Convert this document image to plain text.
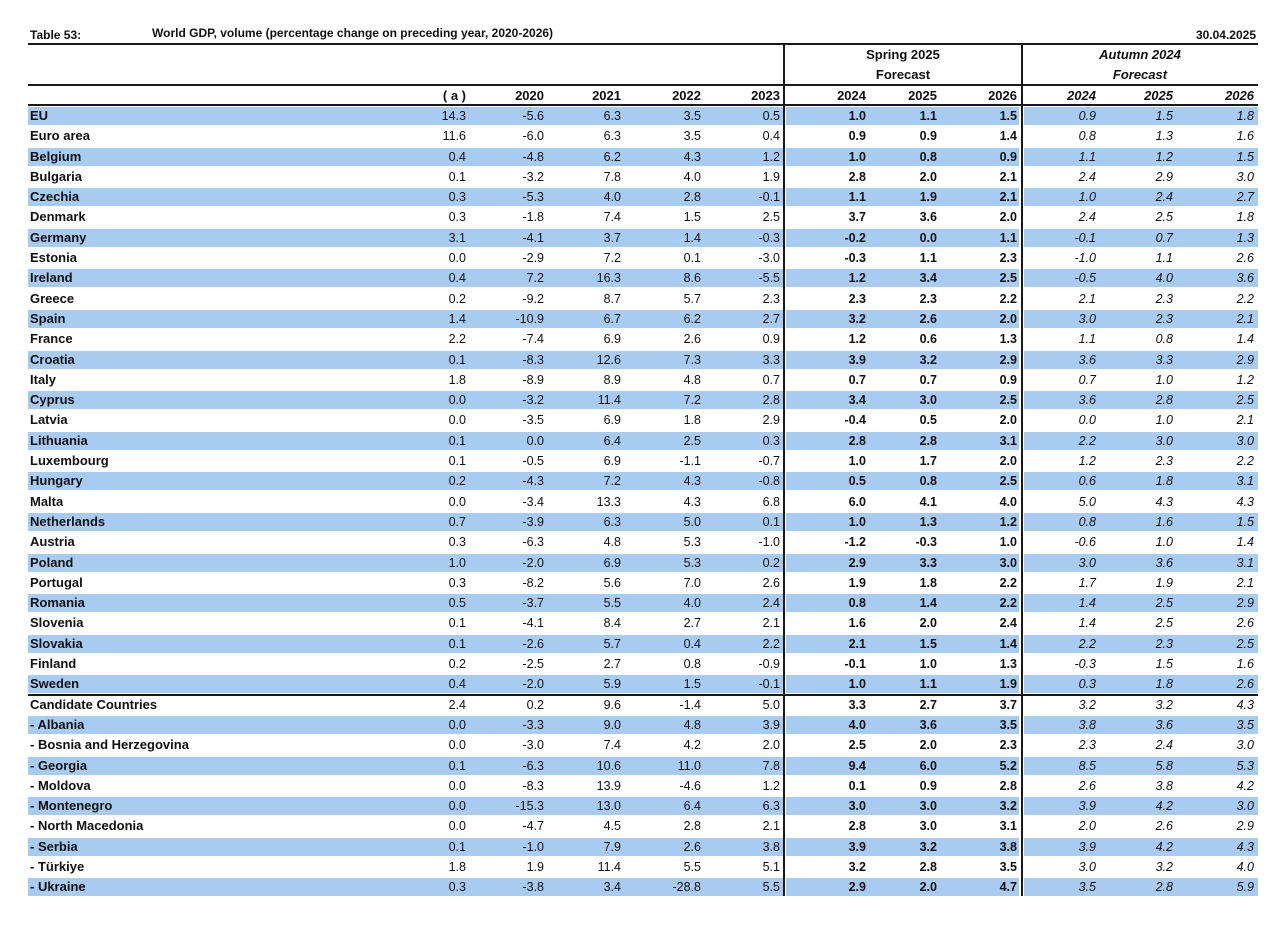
Table 53:	World GDP, volume (percentage change on preceding year, 2020-2026)	30.04.2025
Spring 2025
Forecast
Autumn 2024
Forecast
( a )	2020	2021	2022	2023	2024	2025	2026	2024	2025	2026
EU	14.3	-5.6	6.3	3.5	0.5	1.0	1.1	1.5	0.9	1.5	1.8
Euro area	11.6	-6.0	6.3	3.5	0.4	0.9	0.9	1.4	0.8	1.3	1.6
Belgium	0.4	-4.8	6.2	4.3	1.2	1.0	0.8	0.9	1.1	1.2	1.5
Bulgaria	0.1	-3.2	7.8	4.0	1.9	2.8	2.0	2.1	2.4	2.9	3.0
Czechia	0.3	-5.3	4.0	2.8	-0.1	1.1	1.9	2.1	1.0	2.4	2.7
Denmark	0.3	-1.8	7.4	1.5	2.5	3.7	3.6	2.0	2.4	2.5	1.8
Germany	3.1	-4.1	3.7	1.4	-0.3	-0.2	0.0	1.1	-0.1	0.7	1.3
Estonia	0.0	-2.9	7.2	0.1	-3.0	-0.3	1.1	2.3	-1.0	1.1	2.6
Ireland	0.4	7.2	16.3	8.6	-5.5	1.2	3.4	2.5	-0.5	4.0	3.6
Greece	0.2	-9.2	8.7	5.7	2.3	2.3	2.3	2.2	2.1	2.3	2.2
Spain	1.4	-10.9	6.7	6.2	2.7	3.2	2.6	2.0	3.0	2.3	2.1
France	2.2	-7.4	6.9	2.6	0.9	1.2	0.6	1.3	1.1	0.8	1.4
Croatia	0.1	-8.3	12.6	7.3	3.3	3.9	3.2	2.9	3.6	3.3	2.9
Italy	1.8	-8.9	8.9	4.8	0.7	0.7	0.7	0.9	0.7	1.0	1.2
Cyprus	0.0	-3.2	11.4	7.2	2.8	3.4	3.0	2.5	3.6	2.8	2.5
Latvia	0.0	-3.5	6.9	1.8	2.9	-0.4	0.5	2.0	0.0	1.0	2.1
Lithuania	0.1	0.0	6.4	2.5	0.3	2.8	2.8	3.1	2.2	3.0	3.0
Luxembourg	0.1	-0.5	6.9	-1.1	-0.7	1.0	1.7	2.0	1.2	2.3	2.2
Hungary	0.2	-4.3	7.2	4.3	-0.8	0.5	0.8	2.5	0.6	1.8	3.1
Malta	0.0	-3.4	13.3	4.3	6.8	6.0	4.1	4.0	5.0	4.3	4.3
Netherlands	0.7	-3.9	6.3	5.0	0.1	1.0	1.3	1.2	0.8	1.6	1.5
Austria	0.3	-6.3	4.8	5.3	-1.0	-1.2	-0.3	1.0	-0.6	1.0	1.4
Poland	1.0	-2.0	6.9	5.3	0.2	2.9	3.3	3.0	3.0	3.6	3.1
Portugal	0.3	-8.2	5.6	7.0	2.6	1.9	1.8	2.2	1.7	1.9	2.1
Romania	0.5	-3.7	5.5	4.0	2.4	0.8	1.4	2.2	1.4	2.5	2.9
Slovenia	0.1	-4.1	8.4	2.7	2.1	1.6	2.0	2.4	1.4	2.5	2.6
Slovakia	0.1	-2.6	5.7	0.4	2.2	2.1	1.5	1.4	2.2	2.3	2.5
Finland	0.2	-2.5	2.7	0.8	-0.9	-0.1	1.0	1.3	-0.3	1.5	1.6
Sweden	0.4	-2.0	5.9	1.5	-0.1	1.0	1.1	1.9	0.3	1.8	2.6
Candidate Countries	2.4	0.2	9.6	-1.4	5.0	3.3	2.7	3.7	3.2	3.2	4.3
- Albania	0.0	-3.3	9.0	4.8	3.9	4.0	3.6	3.5	3.8	3.6	3.5
- Bosnia and Herzegovina	0.0	-3.0	7.4	4.2	2.0	2.5	2.0	2.3	2.3	2.4	3.0
- Georgia	0.1	-6.3	10.6	11.0	7.8	9.4	6.0	5.2	8.5	5.8	5.3
- Moldova	0.0	-8.3	13.9	-4.6	1.2	0.1	0.9	2.8	2.6	3.8	4.2
- Montenegro	0.0	-15.3	13.0	6.4	6.3	3.0	3.0	3.2	3.9	4.2	3.0
- North Macedonia	0.0	-4.7	4.5	2.8	2.1	2.8	3.0	3.1	2.0	2.6	2.9
- Serbia	0.1	-1.0	7.9	2.6	3.8	3.9	3.2	3.8	3.9	4.2	4.3
- Türkiye	1.8	1.9	11.4	5.5	5.1	3.2	2.8	3.5	3.0	3.2	4.0
- Ukraine	0.3	-3.8	3.4	-28.8	5.5	2.9	2.0	4.7	3.5	2.8	5.9
